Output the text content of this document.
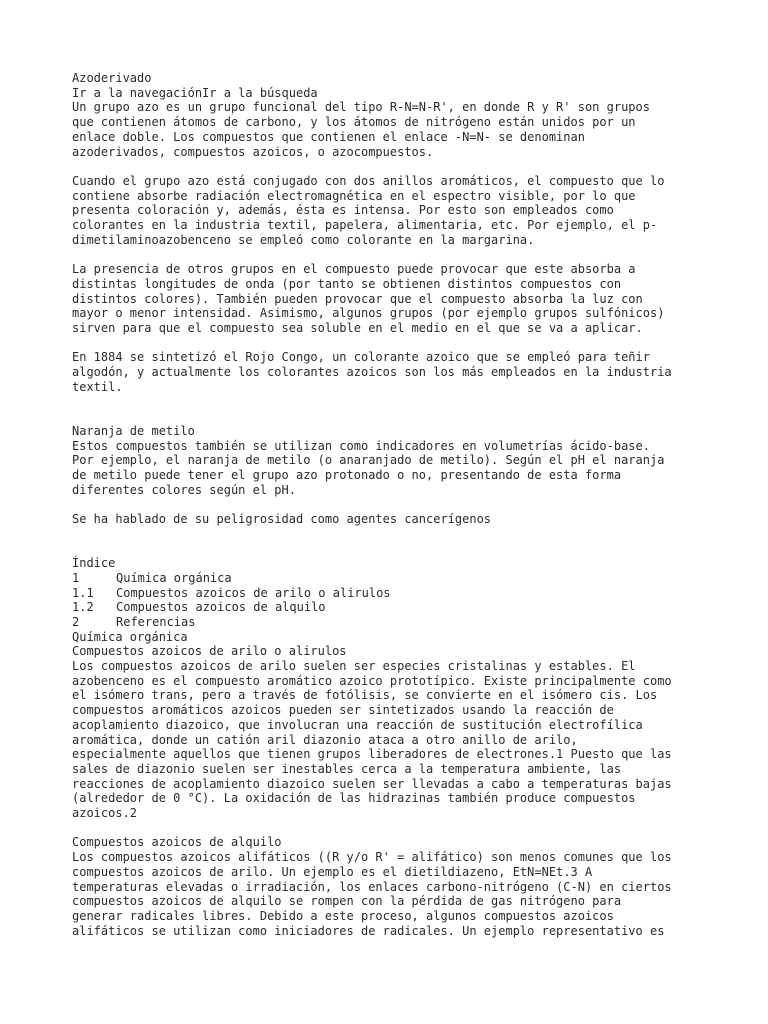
Azoderivado
Ir a la navegaciónIr a la búsqueda
Un grupo azo es un grupo funcional del tipo R-N=N-R', en donde R y R' son grupos
que contienen átomos de carbono, y los átomos de nitrógeno están unidos por un
enlace doble. Los compuestos que contienen el enlace -N=N- se denominan
azoderivados, compuestos azoicos, o azocompuestos.
Cuando el grupo azo está conjugado con dos anillos aromáticos, el compuesto que lo
contiene absorbe radiación electromagnética en el espectro visible, por lo que
presenta coloración y, además, ésta es intensa. Por esto son empleados como
colorantes en la industria textil, papelera, alimentaria, etc. Por ejemplo, el p-
dimetilaminoazobenceno se empleó como colorante en la margarina.
La presencia de otros grupos en el compuesto puede provocar que este absorba a
distintas longitudes de onda (por tanto se obtienen distintos compuestos con
distintos colores). También pueden provocar que el compuesto absorba la luz con
mayor o menor intensidad. Asimismo, algunos grupos (por ejemplo grupos sulfónicos)
sirven para que el compuesto sea soluble en el medio en el que se va a aplicar.
En 1884 se sintetizó el Rojo Congo, un colorante azoico que se empleó para teñir
algodón, y actualmente los colorantes azoicos son los más empleados en la industria
textil.
Naranja de metilo
Estos compuestos también se utilizan como indicadores en volumetrías ácido-base.
Por ejemplo, el naranja de metilo (o anaranjado de metilo). Según el pH el naranja
de metilo puede tener el grupo azo protonado o no, presentando de esta forma
diferentes colores según el pH.
Se ha hablado de su peligrosidad como agentes cancerígenos
Índice
1	Química orgánica
1.1 Compuestos azoicos de arilo o alirulos
1.2 Compuestos azoicos de alquilo
2	Referencias
Química orgánica
Compuestos azoicos de arilo o alirulos
Los compuestos azoicos de arilo suelen ser especies cristalinas y estables. El
azobenceno es el compuesto aromático azoico prototípico. Existe principalmente como
el isómero trans, pero a través de fotólisis, se convierte en el isómero cis. Los
compuestos aromáticos azoicos pueden ser sintetizados usando la reacción de
acoplamiento diazoico, que involucran una reacción de sustitución electrofílica
aromática, donde un catión aril diazonio ataca a otro anillo de arilo,
especialmente aquellos que tienen grupos liberadores de electrones.1 Puesto que las
sales de diazonio suelen ser inestables cerca a la temperatura ambiente, las
reacciones de acoplamiento diazoico suelen ser llevadas a cabo a temperaturas bajas
(alrededor de 0 °C). La oxidación de las hidrazinas también produce compuestos
azoicos.2
Compuestos azoicos de alquilo
Los compuestos azoicos alifáticos ((R y/o R' = alifático) son menos comunes que los
compuestos azoicos de arilo. Un ejemplo es el dietildiazeno, EtN=NEt.3 A
temperaturas elevadas o irradiación, los enlaces carbono-nitrógeno (C-N) en ciertos
compuestos azoicos de alquilo se rompen con la pérdida de gas nitrógeno para
generar radicales libres. Debido a este proceso, algunos compuestos azoicos
alifáticos se utilizan como iniciadores de radicales. Un ejemplo representativo es
